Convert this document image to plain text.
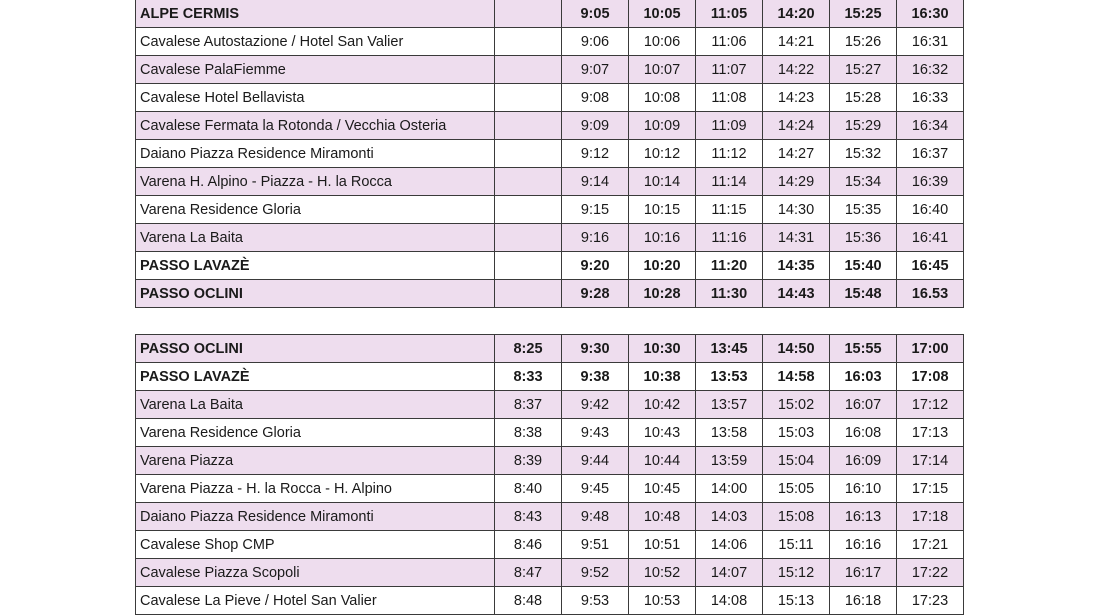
ALPE CERMIS		9:05	10:05	11:05	14:20	15:25	16:30
Cavalese Autostazione / Hotel San Valier		9:06	10:06	11:06	14:21	15:26	16:31
Cavalese PalaFiemme		9:07	10:07	11:07	14:22	15:27	16:32
Cavalese Hotel Bellavista		9:08	10:08	11:08	14:23	15:28	16:33
Cavalese Fermata la Rotonda / Vecchia Osteria		9:09	10:09	11:09	14:24	15:29	16:34
Daiano Piazza Residence Miramonti		9:12	10:12	11:12	14:27	15:32	16:37
Varena H. Alpino - Piazza - H. la Rocca		9:14	10:14	11:14	14:29	15:34	16:39
Varena Residence Gloria		9:15	10:15	11:15	14:30	15:35	16:40
Varena La Baita		9:16	10:16	11:16	14:31	15:36	16:41
PASSO LAVAZÈ		9:20	10:20	11:20	14:35	15:40	16:45
PASSO OCLINI		9:28	10:28	11:30	14:43	15:48	16.53
PASSO OCLINI	8:25	9:30	10:30	13:45	14:50	15:55	17:00
PASSO LAVAZÈ	8:33	9:38	10:38	13:53	14:58	16:03	17:08
Varena La Baita	8:37	9:42	10:42	13:57	15:02	16:07	17:12
Varena Residence Gloria	8:38	9:43	10:43	13:58	15:03	16:08	17:13
Varena Piazza	8:39	9:44	10:44	13:59	15:04	16:09	17:14
Varena Piazza - H. la Rocca - H. Alpino	8:40	9:45	10:45	14:00	15:05	16:10	17:15
Daiano Piazza Residence Miramonti	8:43	9:48	10:48	14:03	15:08	16:13	17:18
Cavalese Shop CMP	8:46	9:51	10:51	14:06	15:11	16:16	17:21
Cavalese Piazza Scopoli	8:47	9:52	10:52	14:07	15:12	16:17	17:22
Cavalese La Pieve / Hotel San Valier	8:48	9:53	10:53	14:08	15:13	16:18	17:23
